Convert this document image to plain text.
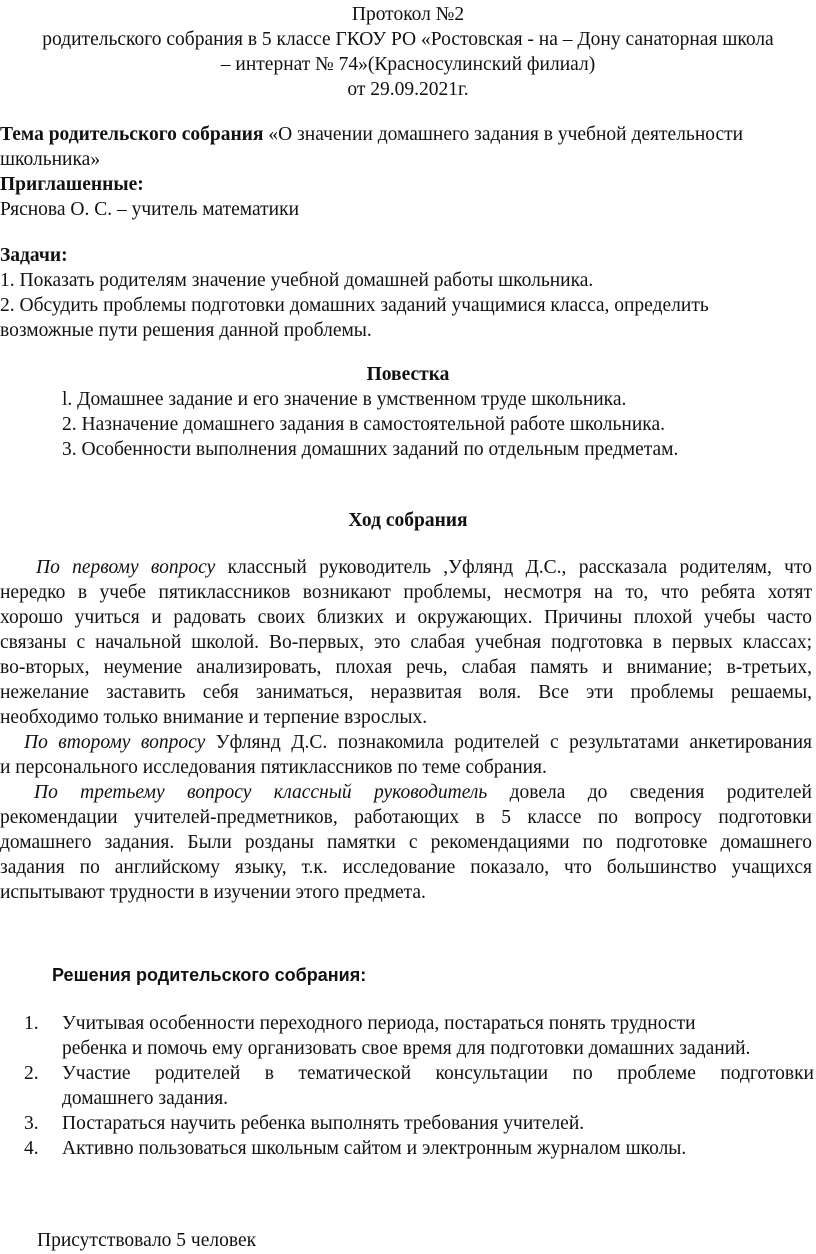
Протокол №2
родительского собрания в 5 классе ГКОУ РО «Ростовская - на – Дону санаторная школа
– интернат № 74»(Красносулинский филиал)
от 29.09.2021г.
Тема родительского собрания «О значении домашнего задания в учебной деятельности
школьника»
Приглашенные:
Ряснова О. С. – учитель математики
Задачи:
1. Показать родителям значение учебной домашней работы школьника.
2. Обсудить проблемы подготовки домашних заданий учащимися класса, определить
возможные пути решения данной проблемы.
Повестка
l. Домашнее задание и его значение в умственном труде школьника.
2. Назначение домашнего задания в самостоятельной работе школьника.
3. Особенности выполнения домашних заданий по отдельным предметам.
Ход собрания
По первому вопросу классный руководитель ,Уфлянд Д.С., рассказала родителям, что
нередко в учебе пятиклассников возникают проблемы, несмотря на то, что ребята хотят
хорошо учиться и радовать своих близких и окружающих. Причины плохой учебы часто
связаны с начальной школой. Во-первых, это слабая учебная подготовка в первых классах;
во-вторых, неумение анализировать, плохая речь, слабая память и внимание; в-третьих,
нежелание заставить себя заниматься, неразвитая воля. Все эти проблемы решаемы,
необходимо только внимание и терпение взрослых.
По второму вопросу Уфлянд Д.С. познакомила родителей с результатами анкетирования
и персонального исследования пятиклассников по теме собрания.
По третьему вопросу классный руководитель довела до сведения родителей
рекомендации учителей-предметников, работающих в 5 классе по вопросу подготовки
домашнего задания. Были розданы памятки с рекомендациями по подготовке домашнего
задания по английскому языку, т.к. исследование показало, что большинство учащихся
испытывают трудности в изучении этого предмета.
Решения родительского собрания:
1. Учитывая особенности переходного периода, постараться понять трудности
ребенка и помочь ему организовать свое время для подготовки домашних заданий.
2. Участие родителей в тематической консультации по проблеме подготовки
домашнего задания.
3. Постараться научить ребенка выполнять требования учителей.
4. Активно пользоваться школьным сайтом и электронным журналом школы.
Присутствовало 5 человек
